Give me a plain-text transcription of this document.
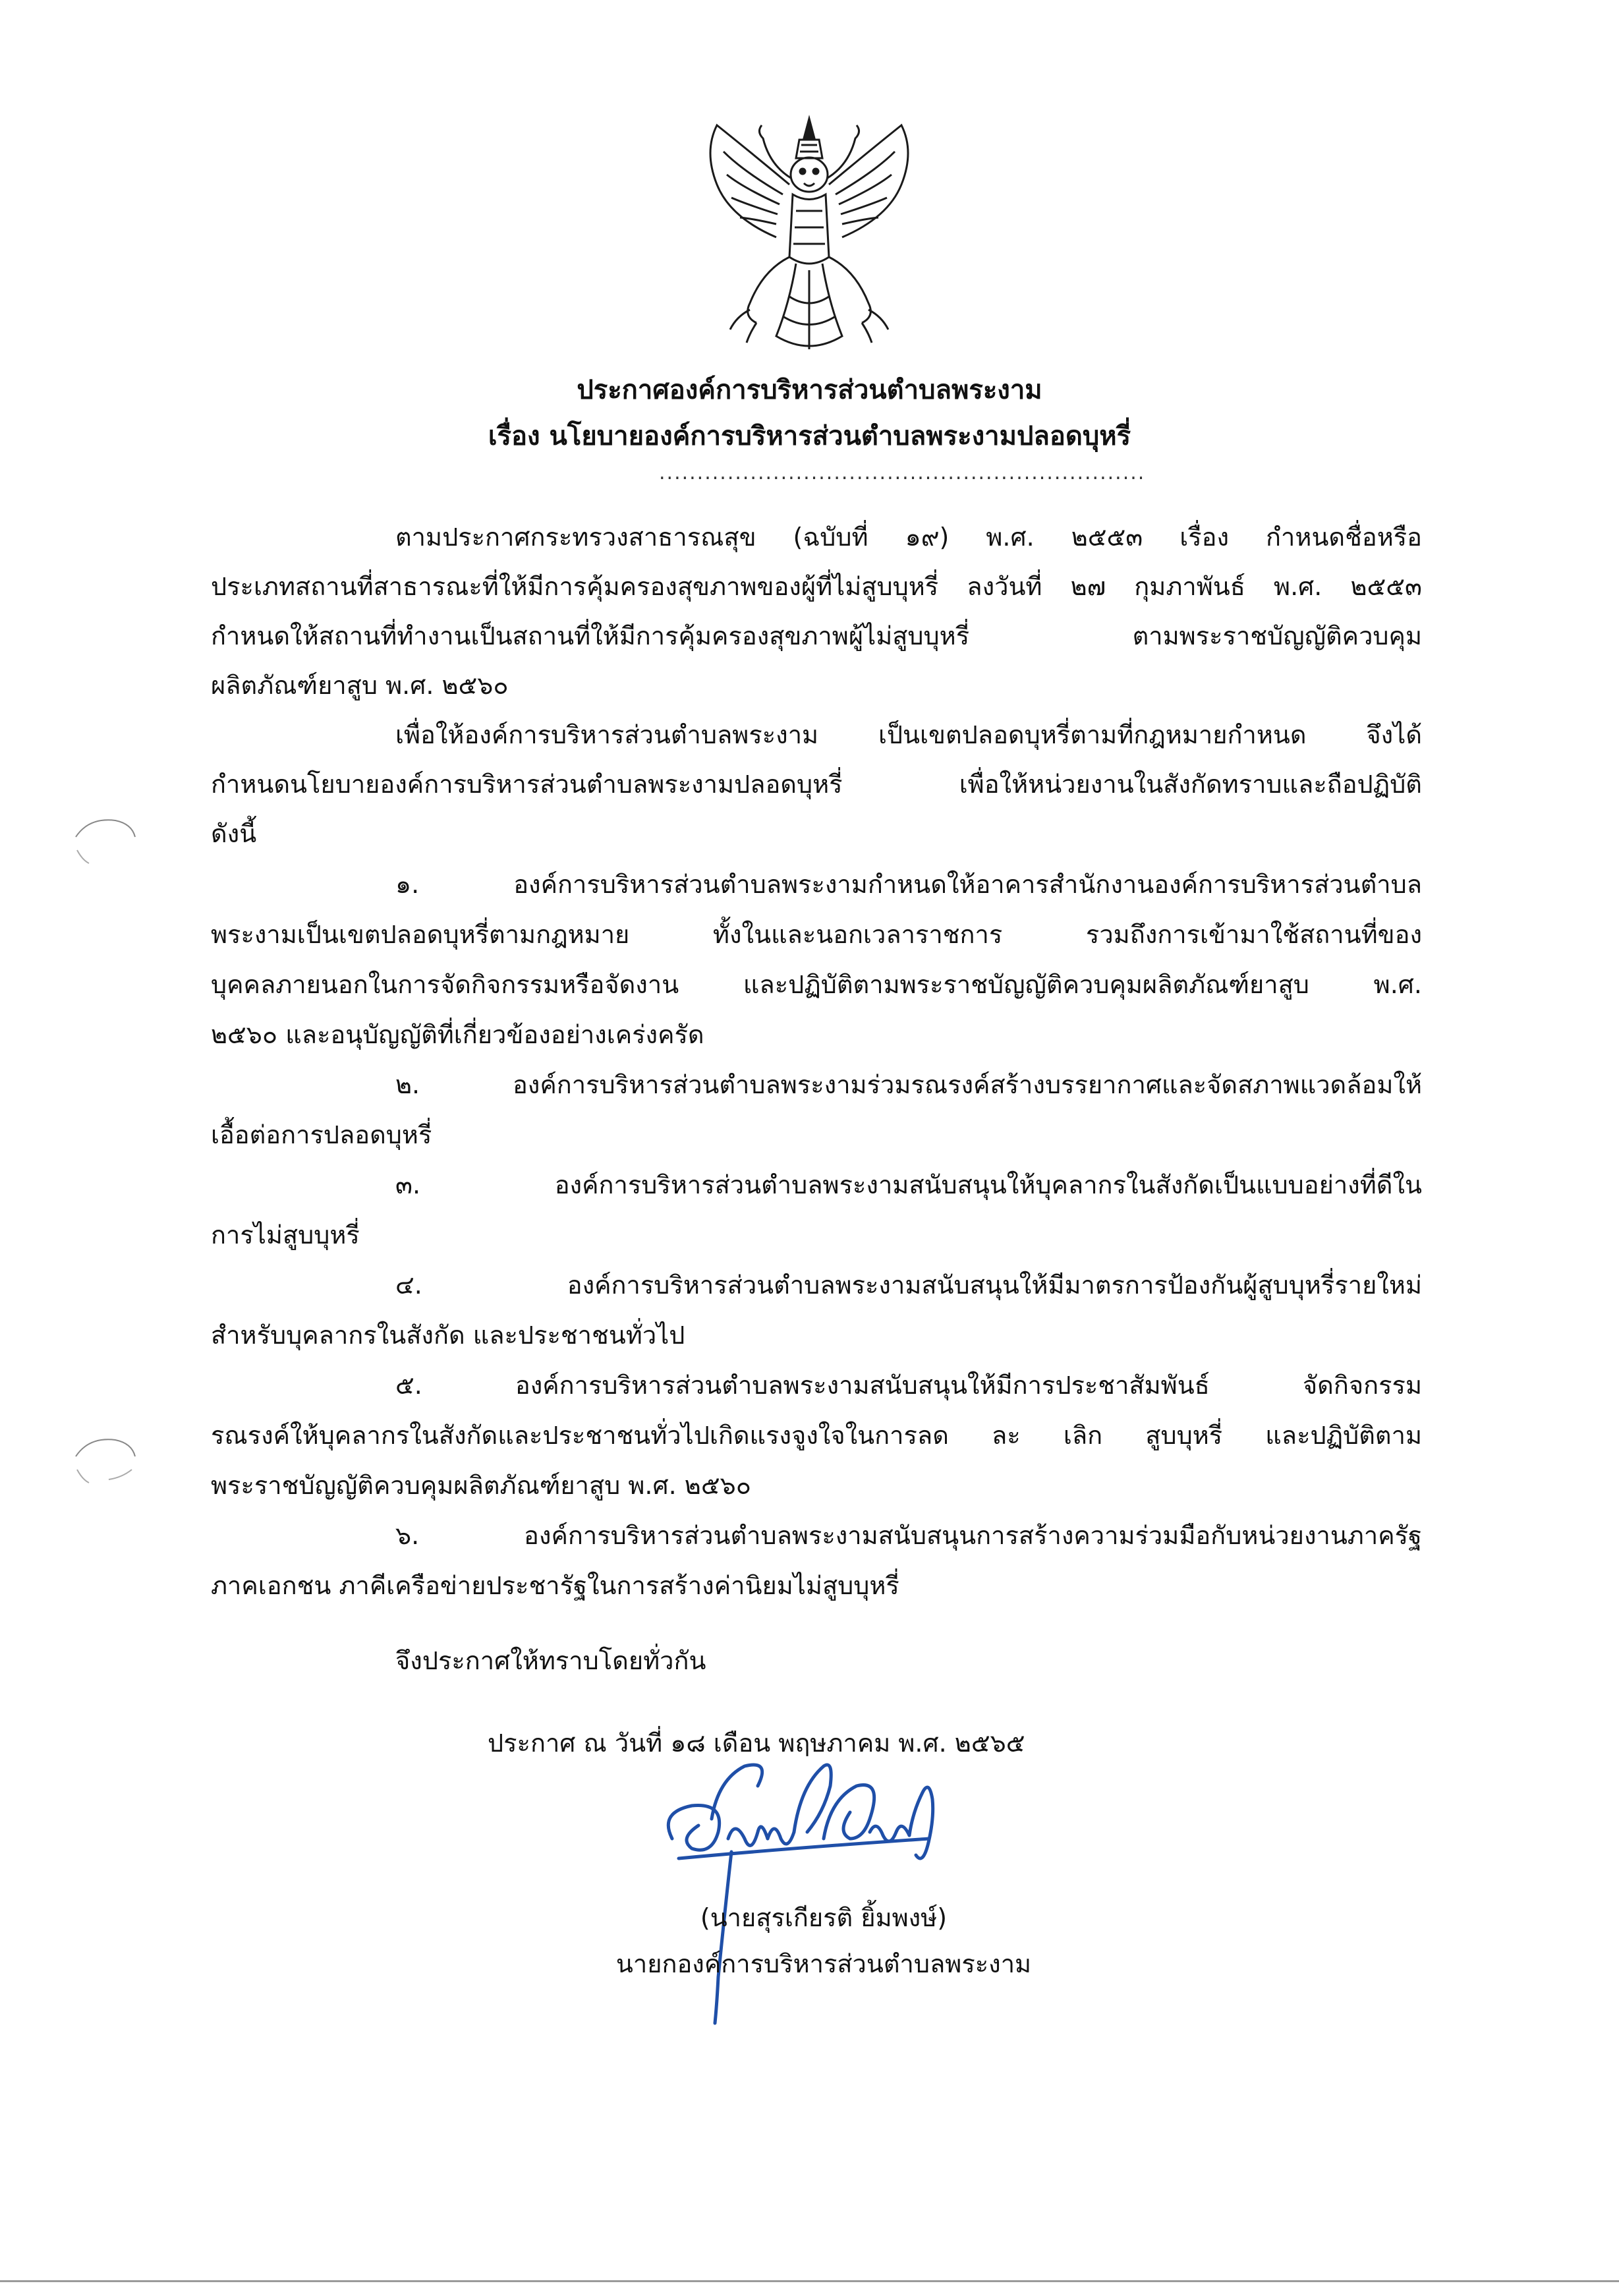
ประกาศองค์การบริหารส่วนตำบลพระงาม
เรื่อง นโยบายองค์การบริหารส่วนตำบลพระงามปลอดบุหรี่
................................................................
ตามประกาศกระทรวงสาธารณสุข (ฉบับที่ ๑๙) พ.ศ. ๒๕๕๓ เรื่อง กำหนดชื่อหรือ
ประเภทสถานที่สาธารณะที่ให้มีการคุ้มครองสุขภาพของผู้ที่ไม่สูบบุหรี่ ลงวันที่ ๒๗ กุมภาพันธ์ พ.ศ. ๒๕๕๓
กำหนดให้สถานที่ทำงานเป็นสถานที่ให้มีการคุ้มครองสุขภาพผู้ไม่สูบบุหรี่ ตามพระราชบัญญัติควบคุม
ผลิตภัณฑ์ยาสูบ พ.ศ. ๒๕๖๐
เพื่อให้องค์การบริหารส่วนตำบลพระงาม เป็นเขตปลอดบุหรี่ตามที่กฎหมายกำหนด จึงได้
กำหนดนโยบายองค์การบริหารส่วนตำบลพระงามปลอดบุหรี่ เพื่อให้หน่วยงานในสังกัดทราบและถือปฏิบัติ
ดังนี้
๑. องค์การบริหารส่วนตำบลพระงามกำหนดให้อาคารสำนักงานองค์การบริหารส่วนตำบล
พระงามเป็นเขตปลอดบุหรี่ตามกฎหมาย ทั้งในและนอกเวลาราชการ รวมถึงการเข้ามาใช้สถานที่ของ
บุคคลภายนอกในการจัดกิจกรรมหรือจัดงาน และปฏิบัติตามพระราชบัญญัติควบคุมผลิตภัณฑ์ยาสูบ พ.ศ.
๒๕๖๐ และอนุบัญญัติที่เกี่ยวข้องอย่างเคร่งครัด
๒. องค์การบริหารส่วนตำบลพระงามร่วมรณรงค์สร้างบรรยากาศและจัดสภาพแวดล้อมให้
เอื้อต่อการปลอดบุหรี่
๓. องค์การบริหารส่วนตำบลพระงามสนับสนุนให้บุคลากรในสังกัดเป็นแบบอย่างที่ดีใน
การไม่สูบบุหรี่
๔. องค์การบริหารส่วนตำบลพระงามสนับสนุนให้มีมาตรการป้องกันผู้สูบบุหรี่รายใหม่
สำหรับบุคลากรในสังกัด และประชาชนทั่วไป
๕. องค์การบริหารส่วนตำบลพระงามสนับสนุนให้มีการประชาสัมพันธ์ จัดกิจกรรม
รณรงค์ให้บุคลากรในสังกัดและประชาชนทั่วไปเกิดแรงจูงใจในการลด ละ เลิก สูบบุหรี่ และปฏิบัติตาม
พระราชบัญญัติควบคุมผลิตภัณฑ์ยาสูบ พ.ศ. ๒๕๖๐
๖. องค์การบริหารส่วนตำบลพระงามสนับสนุนการสร้างความร่วมมือกับหน่วยงานภาครัฐ
ภาคเอกชน ภาคีเครือข่ายประชารัฐในการสร้างค่านิยมไม่สูบบุหรี่
จึงประกาศให้ทราบโดยทั่วกัน
ประกาศ ณ วันที่ ๑๘ เดือน พฤษภาคม พ.ศ. ๒๕๖๕
(นายสุรเกียรติ ยิ้มพงษ์)
นายกองค์การบริหารส่วนตำบลพระงาม
